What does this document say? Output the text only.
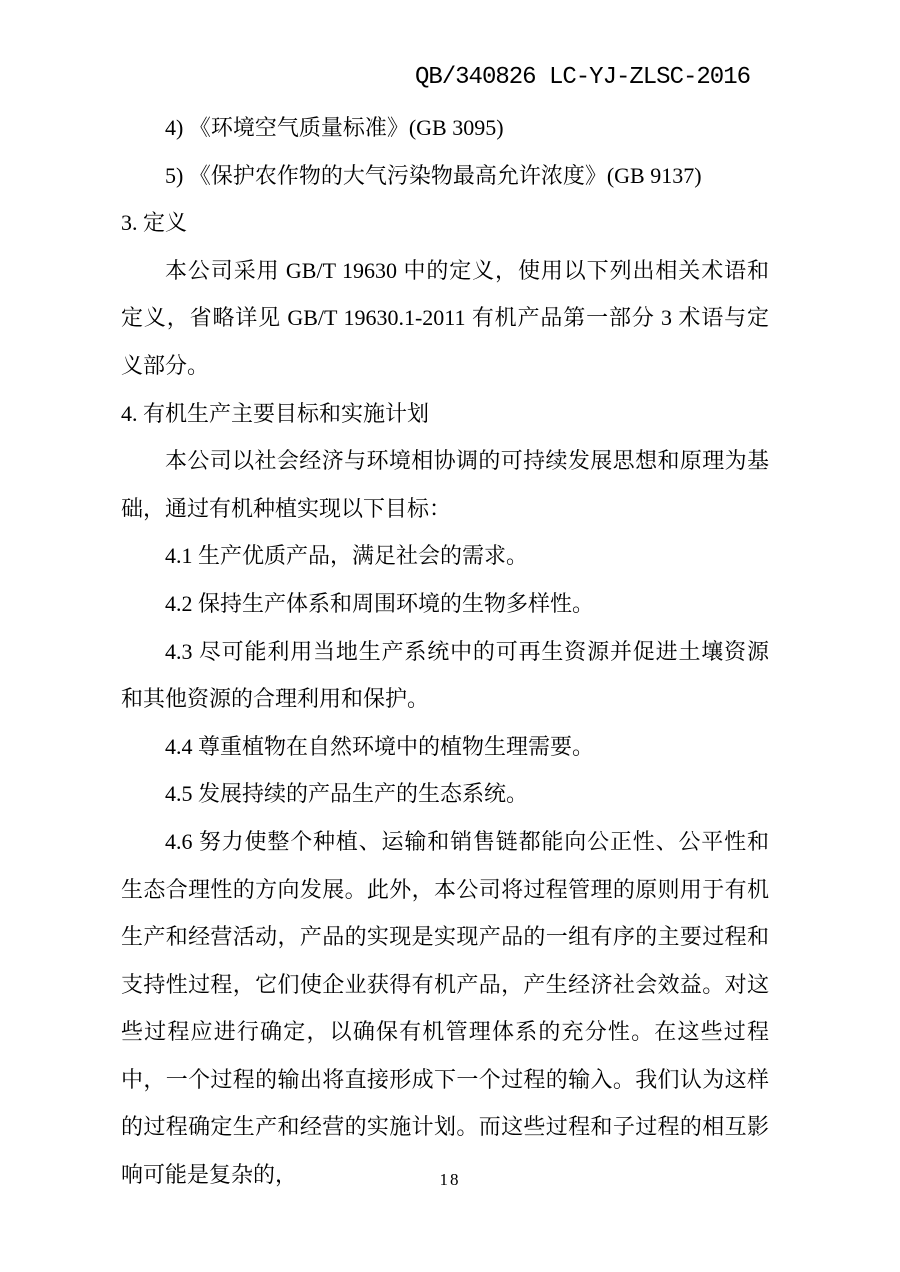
QB/340826 LC-YJ-ZLSC-2016

4) 《环境空气质量标准》(GB 3095)

5) 《保护农作物的大气污染物最高允许浓度》(GB 9137)

3. 定义

本公司采用 GB/T 19630 中的定义，使用以下列出相关术语和定义，省略详见 GB/T 19630.1-2011 有机产品第一部分 3 术语与定义部分。

4. 有机生产主要目标和实施计划

本公司以社会经济与环境相协调的可持续发展思想和原理为基础，通过有机种植实现以下目标：

4.1 生产优质产品，满足社会的需求。

4.2 保持生产体系和周围环境的生物多样性。

4.3 尽可能利用当地生产系统中的可再生资源并促进土壤资源和其他资源的合理利用和保护。

4.4 尊重植物在自然环境中的植物生理需要。

4.5 发展持续的产品生产的生态系统。

4.6 努力使整个种植、运输和销售链都能向公正性、公平性和生态合理性的方向发展。此外，本公司将过程管理的原则用于有机生产和经营活动，产品的实现是实现产品的一组有序的主要过程和支持性过程，它们使企业获得有机产品，产生经济社会效益。对这些过程应进行确定，以确保有机管理体系的充分性。在这些过程中，一个过程的输出将直接形成下一个过程的输入。我们认为这样的过程确定生产和经营的实施计划。而这些过程和子过程的相互影响可能是复杂的，	18
